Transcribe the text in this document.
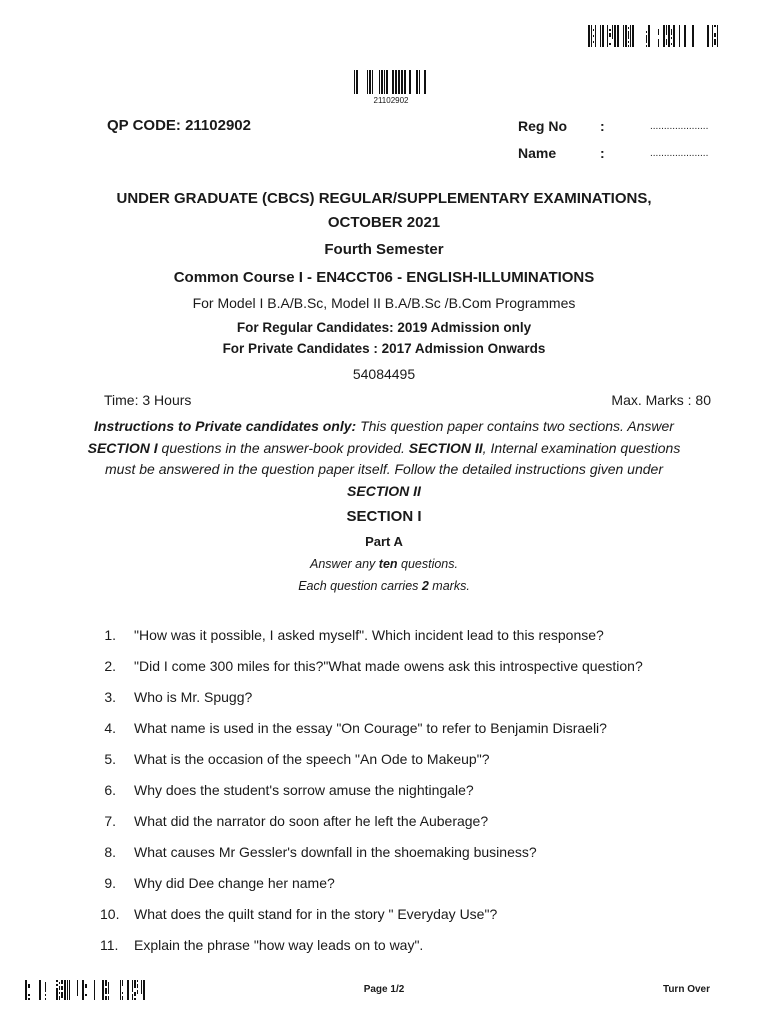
21102902
QP CODE: 21102902	Reg No :	.....................
Name	:	.....................
UNDER GRADUATE (CBCS) REGULAR/SUPPLEMENTARY EXAMINATIONS,
OCTOBER 2021
Fourth Semester
Common Course I - EN4CCT06 - ENGLISH-ILLUMINATIONS
For Model I B.A/B.Sc, Model II B.A/B.Sc /B.Com Programmes
For Regular Candidates: 2019 Admission only
For Private Candidates : 2017 Admission Onwards
54084495
Time: 3 Hours	Max. Marks : 80
Instructions to Private candidates only: This question paper contains two sections. Answer SECTION I questions in the answer-book provided. SECTION II, Internal examination questions must be answered in the question paper itself. Follow the detailed instructions given under SECTION II
SECTION I
Part A
Answer any ten questions.
Each question carries 2 marks.
1. "How was it possible, I asked myself". Which incident lead to this response?
2. "Did I come 300 miles for this?"What made owens ask this introspective question?
3. Who is Mr. Spugg?
4. What name is used in the essay "On Courage" to refer to Benjamin Disraeli?
5. What is the occasion of the speech "An Ode to Makeup"?
6. Why does the student's sorrow amuse the nightingale?
7. What did the narrator do soon after he left the Auberage?
8. What causes Mr Gessler's downfall in the shoemaking business?
9. Why did Dee change her name?
10. What does the quilt stand for in the story " Everyday Use"?
11. Explain the phrase "how way leads on to way".
Page 1/2	Turn Over
